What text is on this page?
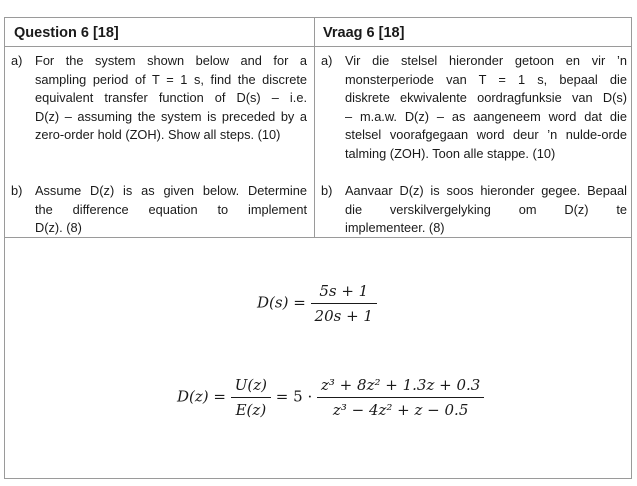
Question 6 [18]	Vraag 6 [18]
a) For the system shown below and for a
sampling period of T = 1 s, find the discrete
equivalent transfer function of D(s) – i.e.
D(z) – assuming the system is preceded by a
zero-order hold (ZOH). Show all steps. (10)
b) Assume D(z) is as given below. Determine
the difference equation to implement
D(z). (8)
a) Vir die stelsel hieronder getoon en vir ’n
monsterperiode van T = 1 s, bepaal die
diskrete ekwivalente oordragfunksie van D(s)
– m.a.w. D(z) – as aangeneem word dat die
stelsel voorafgegaan word deur ’n nulde-orde
talming (ZOH). Toon alle stappe. (10)
b) Aanvaar D(z) is soos hieronder gegee. Bepaal
die verskilvergelyking om D(z) te
implementeer. (8)
$D(s) = \frac{5s + 1}{20s + 1}$
$D(z) = \frac{U(z)}{E(z)} = 5 \cdot \frac{\text{z³ + 8z² + 1.3z + 0.3}}{\text{z³ − 4z² + z − 0.5}}$
